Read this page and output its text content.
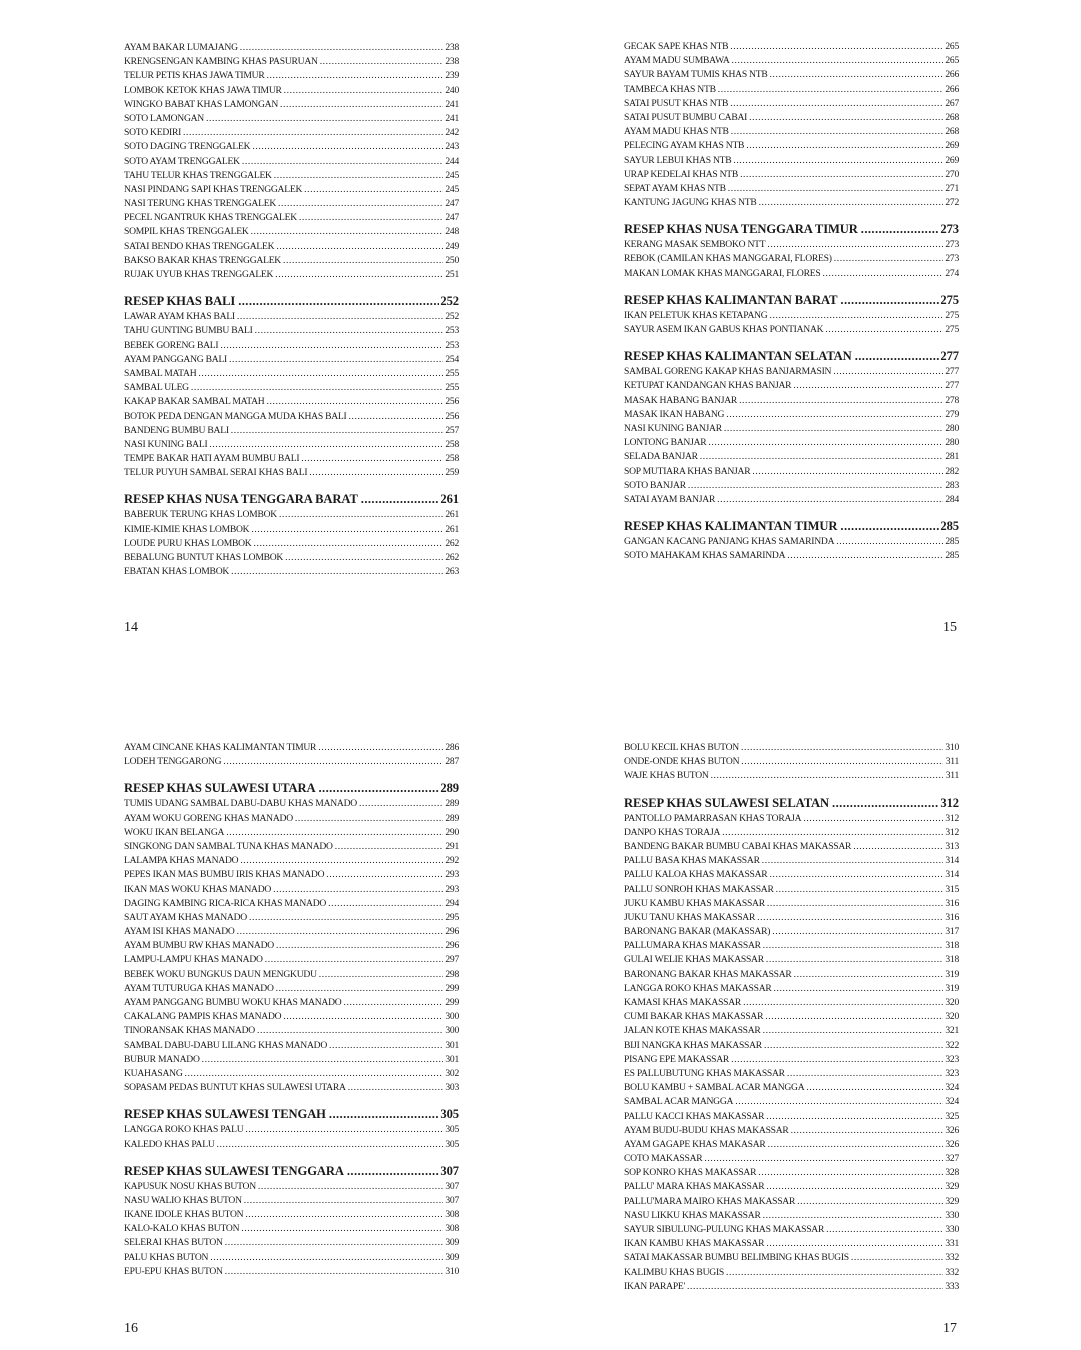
AYAM BAKAR LUMAJANG .....	238
KRENGSENGAN KAMBING KHAS PASURUAN .....	238
TELUR PETIS KHAS JAWA TIMUR .....	239
LOMBOK KETOK KHAS JAWA TIMUR .....	240
WINGKO BABAT KHAS LAMONGAN .....	241
SOTO LAMONGAN .....	241
SOTO KEDIRI .....	242
SOTO DAGING TRENGGALEK .....	243
SOTO AYAM TRENGGALEK .....	244
TAHU TELUR KHAS TRENGGALEK .....	245
NASI PINDANG SAPI KHAS TRENGGALEK .....	245
NASI TERUNG KHAS TRENGGALEK .....	247
PECEL NGANTRUK KHAS TRENGGALEK .....	247
SOMPIL KHAS TRENGGALEK .....	248
SATAI BENDO KHAS TRENGGALEK .....	249
BAKSO BAKAR KHAS TRENGGALEK .....	250
RUJAK UYUB KHAS TRENGGALEK .....	251
RESEP KHAS BALI .....	252
LAWAR AYAM KHAS BALI .....	252
TAHU GUNTING BUMBU BALI .....	253
BEBEK GORENG BALI .....	253
AYAM PANGGANG BALI .....	254
SAMBAL MATAH .....	255
SAMBAL ULEG .....	255
KAKAP BAKAR SAMBAL MATAH .....	256
BOTOK PEDA DENGAN MANGGA MUDA KHAS BALI .....	256
BANDENG BUMBU BALI .....	257
NASI KUNING BALI .....	258
TEMPE BAKAR HATI AYAM BUMBU BALI .....	258
TELUR PUYUH SAMBAL SERAI KHAS BALI .....	259
RESEP KHAS NUSA TENGGARA BARAT .....	261
BABERUK TERUNG KHAS LOMBOK .....	261
KIMIE-KIMIE KHAS LOMBOK .....	261
LOUDE PURU KHAS LOMBOK .....	262
BEBALUNG BUNTUT KHAS LOMBOK .....	262
EBATAN KHAS LOMBOK .....	263
GECAK SAPE KHAS NTB .....	265
AYAM MADU SUMBAWA .....	265
SAYUR BAYAM TUMIS KHAS NTB .....	266
TAMBECA KHAS NTB .....	266
SATAI PUSUT KHAS NTB .....	267
SATAI PUSUT BUMBU CABAI .....	268
AYAM MADU KHAS NTB .....	268
PELECING AYAM KHAS NTB .....	269
SAYUR LEBUI KHAS NTB .....	269
URAP KEDELAI KHAS NTB .....	270
SEPAT AYAM KHAS NTB .....	271
KANTUNG JAGUNG KHAS NTB .....	272
RESEP KHAS NUSA TENGGARA TIMUR .....	273
KERANG MASAK SEMBOKO NTT .....	273
REBOK (CAMILAN KHAS MANGGARAI, FLORES) .....	273
MAKAN LOMAK KHAS MANGGARAI, FLORES .....	274
RESEP KHAS KALIMANTAN BARAT .....	275
IKAN PELETUK KHAS KETAPANG .....	275
SAYUR ASEM IKAN GABUS KHAS PONTIANAK .....	275
RESEP KHAS KALIMANTAN SELATAN .....	277
SAMBAL GORENG KAKAP KHAS BANJARMASIN .....	277
KETUPAT KANDANGAN KHAS BANJAR .....	277
MASAK HABANG BANJAR .....	278
MASAK IKAN HABANG .....	279
NASI KUNING BANJAR .....	280
LONTONG BANJAR .....	280
SELADA BANJAR .....	281
SOP MUTIARA KHAS BANJAR .....	282
SOTO BANJAR .....	283
SATAI AYAM BANJAR .....	284
RESEP KHAS KALIMANTAN TIMUR .....	285
GANGAN KACANG PANJANG KHAS SAMARINDA .....	285
SOTO MAHAKAM KHAS SAMARINDA .....	285
AYAM CINCANE KHAS KALIMANTAN TIMUR .....	286
LODEH TENGGARONG .....	287
RESEP KHAS SULAWESI UTARA .....	289
TUMIS UDANG SAMBAL DABU-DABU KHAS MANADO .....	289
AYAM WOKU GORENG KHAS MANADO .....	289
WOKU IKAN BELANGA .....	290
SINGKONG DAN SAMBAL TUNA KHAS MANADO .....	291
LALAMPA KHAS MANADO .....	292
PEPES IKAN MAS BUMBU IRIS KHAS MANADO .....	293
IKAN MAS WOKU KHAS MANADO .....	293
DAGING KAMBING RICA-RICA KHAS MANADO .....	294
SAUT AYAM KHAS MANADO .....	295
AYAM ISI KHAS MANADO .....	296
AYAM BUMBU RW KHAS MANADO .....	296
LAMPU-LAMPU KHAS MANADO .....	297
BEBEK WOKU BUNGKUS DAUN MENGKUDU .....	298
AYAM TUTURUGA KHAS MANADO .....	299
AYAM PANGGANG BUMBU WOKU KHAS MANADO .....	299
CAKALANG PAMPIS KHAS MANADO .....	300
TINORANSAK KHAS MANADO .....	300
SAMBAL DABU-DABU LILANG KHAS MANADO .....	301
BUBUR MANADO .....	301
KUAHASANG .....	302
SOPASAM PEDAS BUNTUT KHAS SULAWESI UTARA .....	303
RESEP KHAS SULAWESI TENGAH .....	305
LANGGA ROKO KHAS PALU .....	305
KALEDO KHAS PALU .....	305
RESEP KHAS SULAWESI TENGGARA .....	307
KAPUSUK NOSU KHAS BUTON .....	307
NASU WALIO KHAS BUTON .....	307
IKANE IDOLE KHAS BUTON .....	308
KALO-KALO KHAS BUTON .....	308
SELERAI KHAS BUTON .....	309
PALU KHAS BUTON .....	309
EPU-EPU KHAS BUTON .....	310
BOLU KECIL KHAS BUTON .....	310
ONDE-ONDE KHAS BUTON .....	311
WAJE KHAS BUTON .....	311
RESEP KHAS SULAWESI SELATAN .....	312
PANTOLLO PAMARRASAN KHAS TORAJA .....	312
DANPO KHAS TORAJA .....	312
BANDENG BAKAR BUMBU CABAI KHAS MAKASSAR .....	313
PALLU BASA KHAS MAKASSAR .....	314
PALLU KALOA KHAS MAKASSAR .....	314
PALLU SONROH KHAS MAKASSAR .....	315
JUKU KAMBU KHAS MAKASSAR .....	316
JUKU TANU KHAS MAKASSAR .....	316
BARONANG BAKAR (MAKASSAR) .....	317
PALLUMARA KHAS MAKASSAR .....	318
GULAI WELIE KHAS MAKASSAR .....	318
BARONANG BAKAR KHAS MAKASSAR .....	319
LANGGA ROKO KHAS MAKASSAR .....	319
KAMASI KHAS MAKASSAR .....	320
CUMI BAKAR KHAS MAKASSAR .....	320
JALAN KOTE KHAS MAKASSAR .....	321
BIJI NANGKA KHAS MAKASSAR .....	322
PISANG EPE MAKASSAR .....	323
ES PALLUBUTUNG KHAS MAKASSAR .....	323
BOLU KAMBU + SAMBAL ACAR MANGGA .....	324
SAMBAL ACAR MANGGA .....	324
PALLU KACCI KHAS MAKASSAR .....	325
AYAM BUDU-BUDU KHAS MAKASSAR .....	326
AYAM GAGAPE KHAS MAKASAR .....	326
COTO MAKASSAR .....	327
SOP KONRO KHAS MAKASSAR .....	328
PALLU' MARA KHAS MAKASSAR .....	329
PALLU'MARA MAIRO KHAS MAKASSAR .....	329
NASU LIKKU KHAS MAKASSAR .....	330
SAYUR SIBULUNG-PULUNG KHAS MAKASSAR .....	330
IKAN KAMBU KHAS MAKASSAR .....	331
SATAI MAKASSAR BUMBU BELIMBING KHAS BUGIS .....	332
KALIMBU KHAS BUGIS .....	332
IKAN PARAPE' .....	333
14	15
16	17
